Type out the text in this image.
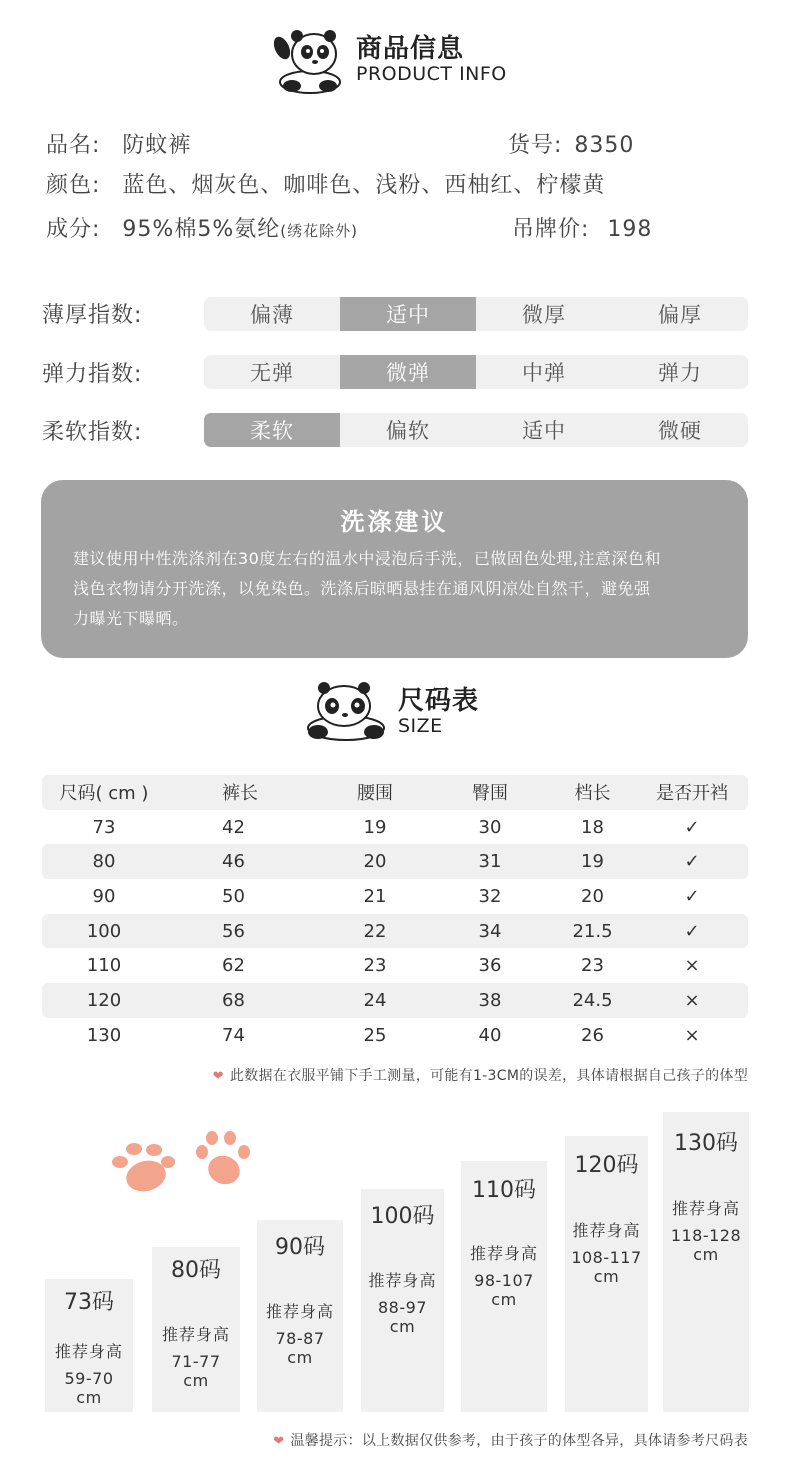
商品信息
PRODUCT INFO
品名: 防蚊裤	货号: 8350
颜色: 蓝色、烟灰色、咖啡色、浅粉、西柚红、柠檬黄
成分: 95%棉5%氨纶(绣花除外)	吊牌价: 198
薄厚指数:	偏薄	适中	微厚	偏厚
弹力指数:	无弹	微弹	中弹	弹力
柔软指数:	柔软	偏软	适中	微硬
洗涤建议
建议使用中性洗涤剂在30度左右的温水中浸泡后手洗，已做固色处理,注意深色和
浅色衣物请分开洗涤，以免染色。洗涤后晾晒悬挂在通风阴凉处自然干，避免强
力曝光下曝晒。
尺码表
SIZE
尺码( cm )	裤长	腰围	臀围	档长	是否开裆
73	42	19	30	18	✓
80	46	20	31	19	✓
90	50	21	32	20	✓
100	56	22	34	21.5	✓
110	62	23	36	23	×
120	68	24	38	24.5	×
130	74	25	40	26	×
❤ 此数据在衣服平铺下手工测量，可能有1-3CM的误差，具体请根据自己孩子的体型
73码
推荐身高
59-70
cm
80码
推荐身高
71-77
cm
90码
推荐身高
78-87
cm
100码
推荐身高
88-97
cm
110码
推荐身高
98-107
cm
120码
推荐身高
108-117
cm
130码
推荐身高
118-128
cm
❤ 温馨提示：以上数据仅供参考，由于孩子的体型各异，具体请参考尺码表
